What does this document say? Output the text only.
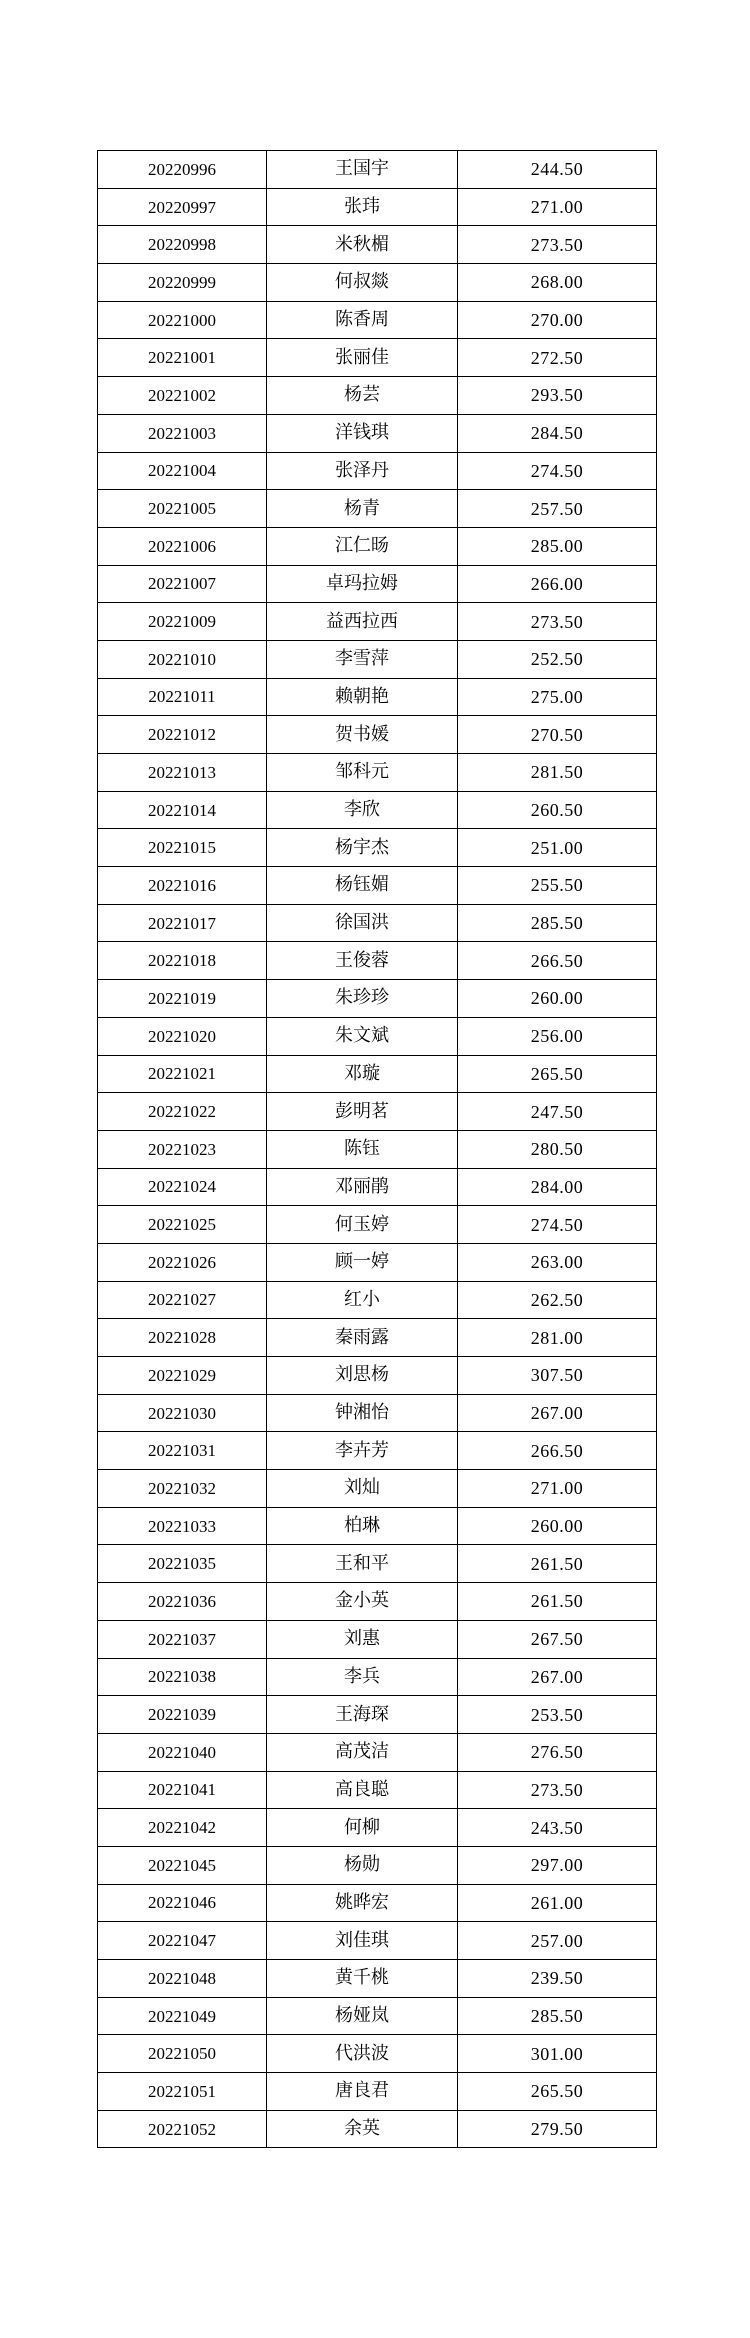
20220996	王国宇	244.50
20220997	张玮	271.00
20220998	米秋楣	273.50
20220999	何叔燚	268.00
20221000	陈香周	270.00
20221001	张丽佳	272.50
20221002	杨芸	293.50
20221003	洋钱琪	284.50
20221004	张泽丹	274.50
20221005	杨青	257.50
20221006	江仁旸	285.00
20221007	卓玛拉姆	266.00
20221009	益西拉西	273.50
20221010	李雪萍	252.50
20221011	赖朝艳	275.00
20221012	贺书媛	270.50
20221013	邹科元	281.50
20221014	李欣	260.50
20221015	杨宇杰	251.00
20221016	杨钰媚	255.50
20221017	徐国洪	285.50
20221018	王俊蓉	266.50
20221019	朱珍珍	260.00
20221020	朱文斌	256.00
20221021	邓璇	265.50
20221022	彭明茗	247.50
20221023	陈钰	280.50
20221024	邓丽鹃	284.00
20221025	何玉婷	274.50
20221026	顾一婷	263.00
20221027	红小	262.50
20221028	秦雨露	281.00
20221029	刘思杨	307.50
20221030	钟湘怡	267.00
20221031	李卉芳	266.50
20221032	刘灿	271.00
20221033	柏琳	260.00
20221035	王和平	261.50
20221036	金小英	261.50
20221037	刘惠	267.50
20221038	李兵	267.00
20221039	王海琛	253.50
20221040	高茂洁	276.50
20221041	高良聪	273.50
20221042	何柳	243.50
20221045	杨勋	297.00
20221046	姚晔宏	261.00
20221047	刘佳琪	257.00
20221048	黄千桃	239.50
20221049	杨娅岚	285.50
20221050	代洪波	301.00
20221051	唐良君	265.50
20221052	余英	279.50
